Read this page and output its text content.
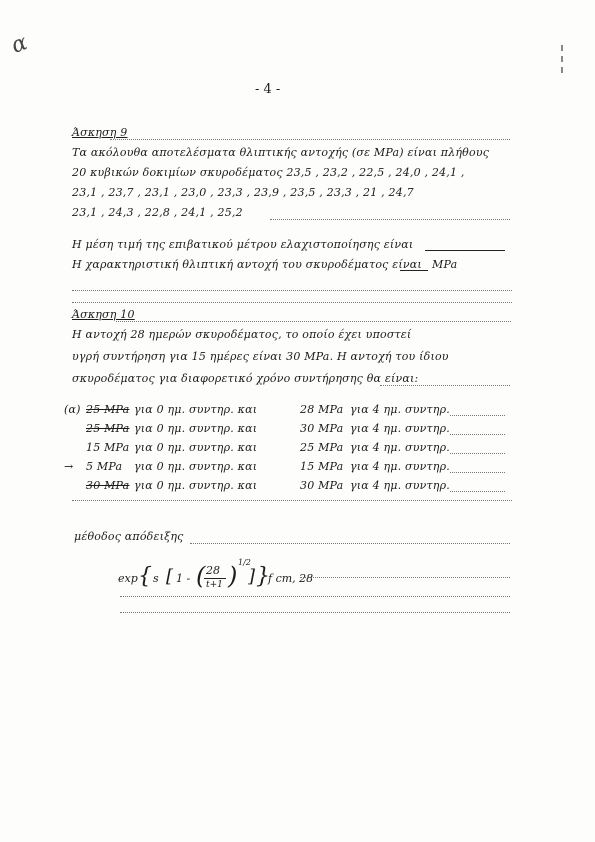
α
- 4 -
Άσκηση 9
Τα ακόλουθα αποτελέσματα θλιπτικής αντοχής (σε MPa) είναι πλήθους
20 κυβικών δοκιμίων σκυροδέματος 23,5 , 23,2 , 22,5 , 24,0 , 24,1 ,
23,1 , 23,7 , 23,1 , 23,0 , 23,3 , 23,9 , 23,5 , 23,3 , 21 , 24,7
23,1 , 24,3 , 22,8 , 24,1 , 25,2
Η μέση τιμή της επιβατικού μέτρου ελαχιστοποίησης είναι
Η χαρακτηριστική θλιπτική αντοχή του σκυροδέματος είναι MPa
Άσκηση 10
Η αντοχή 28 ημερών σκυροδέματος, το οποίο έχει υποστεί
υγρή συντήρηση για 15 ημέρες είναι 30 MPa. Η αντοχή του ίδιου
σκυροδέματος για διαφορετικό χρόνο συντήρησης θα είναι:
(α) 25 MPa για 0 ημ. συντηρ. και	28 MPa για 4 ημ. συντηρ.
25 MPa για 0 ημ. συντηρ. και	30 MPa για 4 ημ. συντηρ.
15 MPa για 0 ημ. συντηρ. και	25 MPa για 4 ημ. συντηρ.
→ 5 MPa για 0 ημ. συντηρ. και	15 MPa για 4 ημ. συντηρ.
30 MPa για 0 ημ. συντηρ. και	30 MPa για 4 ημ. συντηρ.
μέθοδος απόδειξης
exp { s [ 1 - ( 28
t+1 ) 1/2
] }
f cm, 28
